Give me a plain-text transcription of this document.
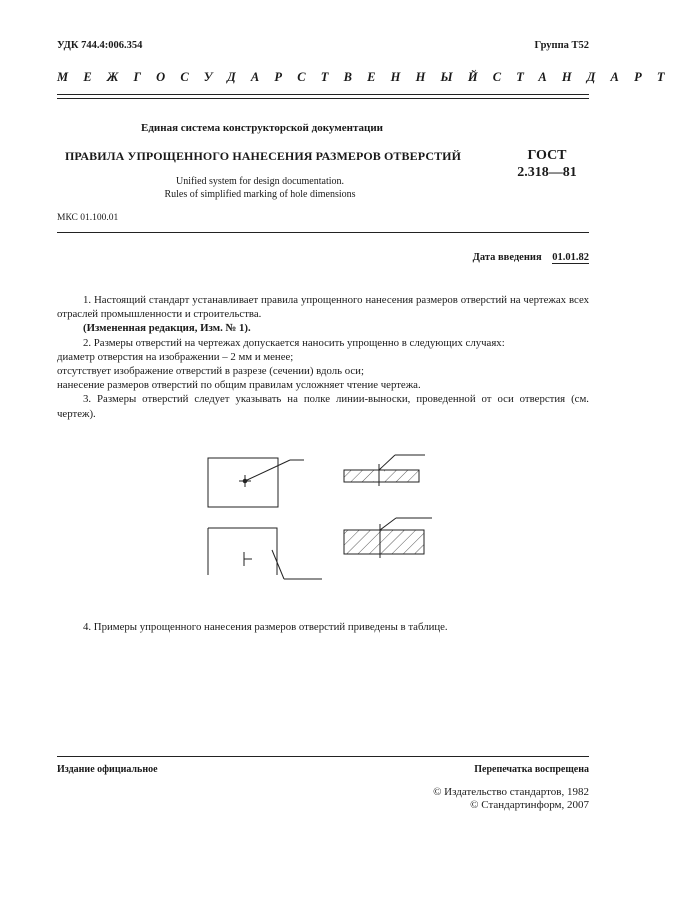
УДК 744.4:006.354	Группа Т52
МЕЖГОСУДАРСТВЕННЫЙ СТАНДАРТ
Единая система конструкторской документации
ПРАВИЛА УПРОЩЕННОГО НАНЕСЕНИЯ РАЗМЕРОВ ОТВЕРСТИЙ	ГОСТ
2.318—81
Unified system for design documentation.
Rules of simplified marking of hole dimensions
МКС 01.100.01
Дата введения 01.01.82

1. Настоящий стандарт устанавливает правила упрощенного нанесения размеров отверстий на чертежах всех отраслей промышленности и строительства.

(Измененная редакция, Изм. № 1).

2. Размеры отверстий на чертежах допускается наносить упрощенно в следующих случаях:

диаметр отверстия на изображении – 2 мм и менее;

отсутствует изображение отверстий в разрезе (сечении) вдоль оси;

нанесение размеров отверстий по общим правилам усложняет чтение чертежа.

3. Размеры отверстий следует указывать на полке линии-выноски, проведенной от оси отверстия (см. чертеж).

4. Примеры упрощенного нанесения размеров отверстий приведены в таблице.
Издание официальное	Перепечатка воспрещена
© Издательство стандартов, 1982
© Стандартинформ, 2007
